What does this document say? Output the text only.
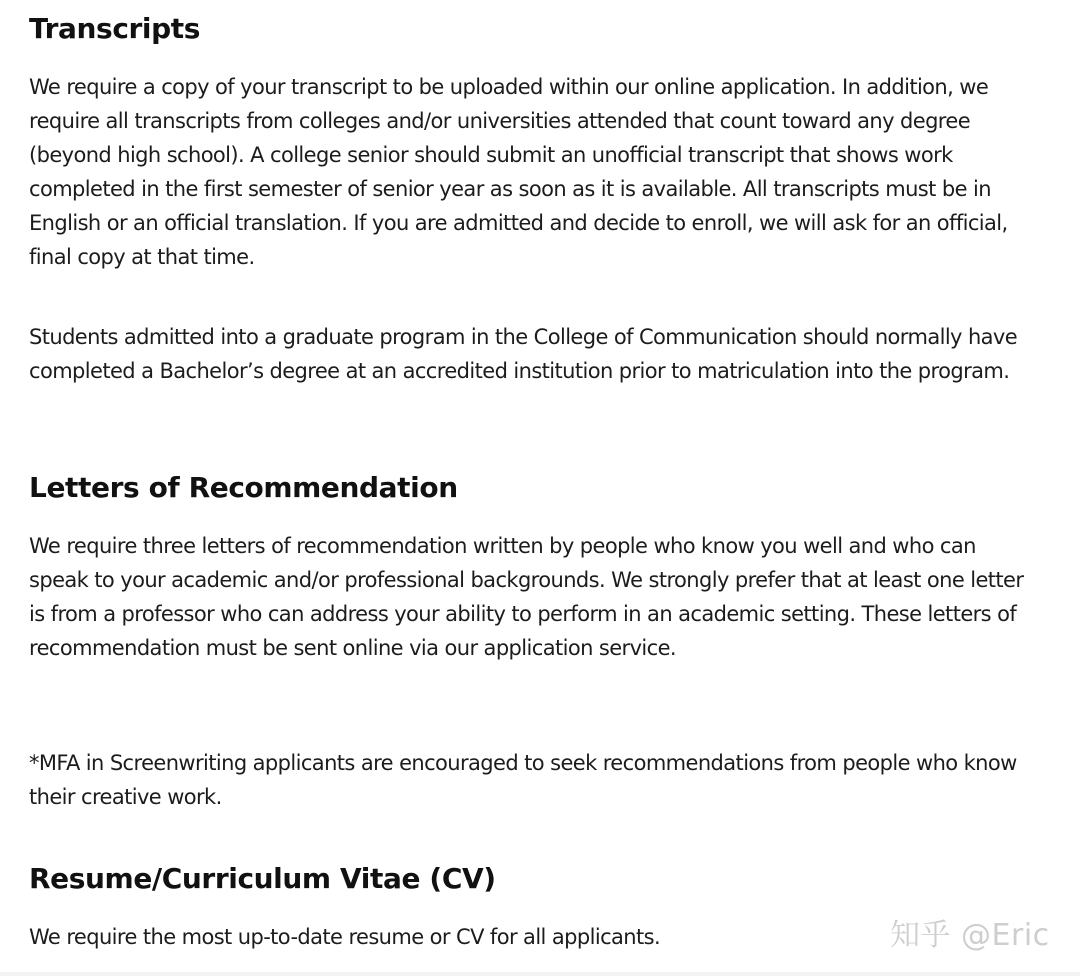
Transcripts

We require a copy of your transcript to be uploaded within our online application. In addition, we require all transcripts from colleges and/or universities attended that count toward any degree (beyond high school). A college senior should submit an unofficial transcript that shows work completed in the first semester of senior year as soon as it is available. All transcripts must be in English or an official translation. If you are admitted and decide to enroll, we will ask for an official, final copy at that time.

Students admitted into a graduate program in the College of Communication should normally have completed a Bachelor’s degree at an accredited institution prior to matriculation into the program.

Letters of Recommendation

We require three letters of recommendation written by people who know you well and who can speak to your academic and/or professional backgrounds. We strongly prefer that at least one letter is from a professor who can address your ability to perform in an academic setting. These letters of recommendation must be sent online via our application service.

*MFA in Screenwriting applicants are encouraged to seek recommendations from people who know their creative work.

Resume/Curriculum Vitae (CV)

We require the most up-to-date resume or CV for all applicants.	知乎 @Eric
